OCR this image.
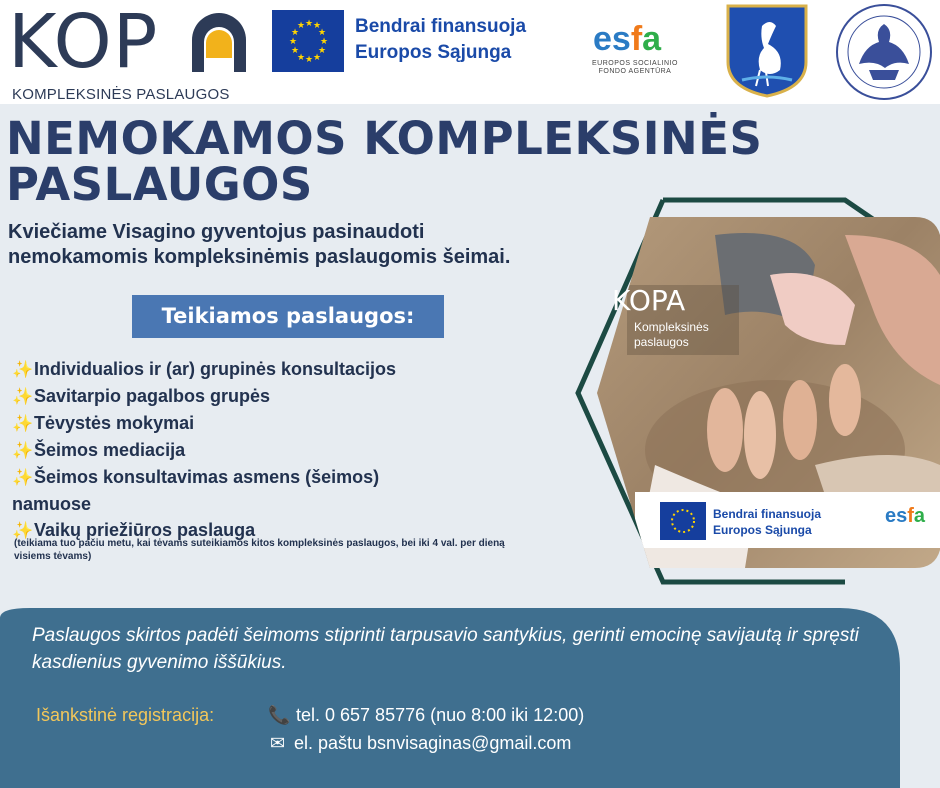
KOP
KOMPLEKSINĖS PASLAUGOS
★ ★
★
★
★
★
★
★
★
★
★
★	Bendrai finansuoja
Europos Sąjunga	esfa
EUROPOS SOCIALINIO FONDO AGENTŪRA
NEMOKAMOS KOMPLEKSINĖS
PASLAUGOS
Kviečiame Visagino gyventojus pasinaudoti nemokamomis kompleksinėmis paslaugomis šeimai.
Teikiamos paslaugos:
✨Individualios ir (ar) grupinės konsultacijos
✨Savitarpio pagalbos grupės
✨Tėvystės mokymai
✨Šeimos mediacija
✨Šeimos konsultavimas asmens (šeimos) namuose
✨Vaikų priežiūros paslauga
(teikiama tuo pačiu metu, kai tėvams suteikiamos kitos kompleksinės paslaugos, bei iki 4 val. per dieną visiems tėvams)
KOPA
Kompleksinės
paslaugos
Bendrai finansuoja
Europos Sąjunga
esfa
Paslaugos skirtos padėti šeimoms stiprinti tarpusavio santykius, gerinti emocinę savijautą ir spręsti kasdienius gyvenimo iššūkius.
Išankstinė registracija:	📞 tel. 0 657 85776 (nuo 8:00 iki 12:00)
✉ el. paštu bsnvisaginas@gmail.com
